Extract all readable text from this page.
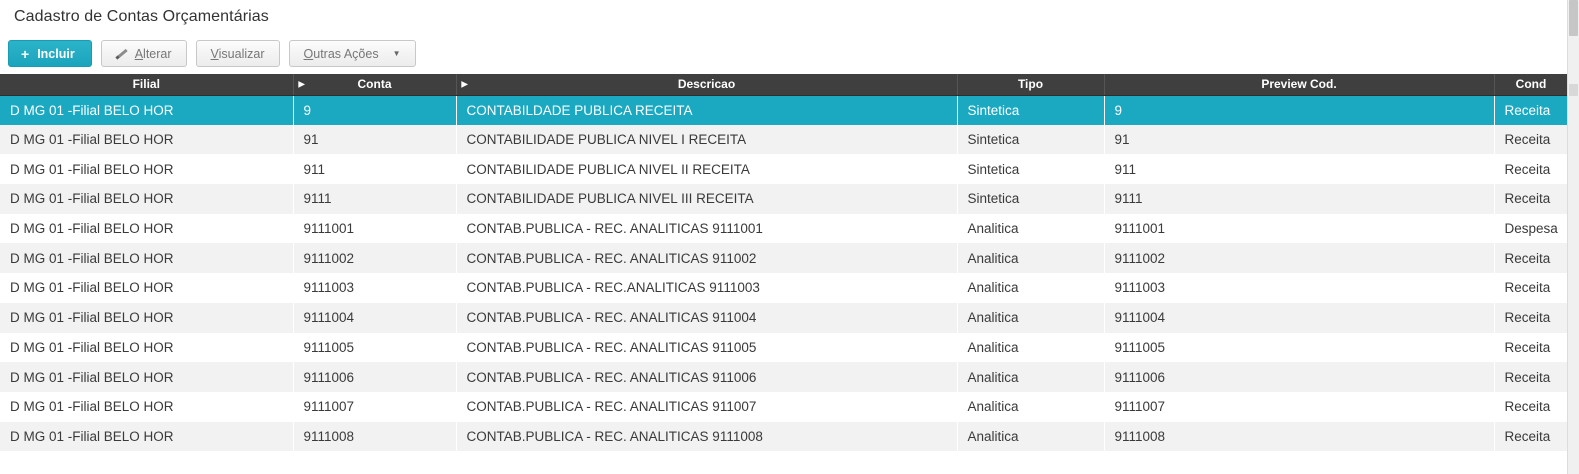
Cadastro de Contas Orçamentárias
+ Incluir	Alterar	Visualizar	Outras Ações ▼
Filial	▶ Conta	▶ Descricao	Tipo	Preview Cod.	Cond
D MG 01 -Filial BELO HOR	9	CONTABILDADE PUBLICA RECEITA	Sintetica	9	Receita
D MG 01 -Filial BELO HOR	91	CONTABILIDADE PUBLICA NIVEL I RECEITA	Sintetica	91	Receita
D MG 01 -Filial BELO HOR	911	CONTABILIDADE PUBLICA NIVEL II RECEITA	Sintetica	911	Receita
D MG 01 -Filial BELO HOR	9111	CONTABILIDADE PUBLICA NIVEL III RECEITA	Sintetica	9111	Receita
D MG 01 -Filial BELO HOR	9111001	CONTAB.PUBLICA - REC. ANALITICAS 9111001	Analitica	9111001	Despesa
D MG 01 -Filial BELO HOR	9111002	CONTAB.PUBLICA - REC. ANALITICAS 911002	Analitica	9111002	Receita
D MG 01 -Filial BELO HOR	9111003	CONTAB.PUBLICA - REC.ANALITICAS 9111003	Analitica	9111003	Receita
D MG 01 -Filial BELO HOR	9111004	CONTAB.PUBLICA - REC. ANALITICAS 911004	Analitica	9111004	Receita
D MG 01 -Filial BELO HOR	9111005	CONTAB.PUBLICA - REC. ANALITICAS 911005	Analitica	9111005	Receita
D MG 01 -Filial BELO HOR	9111006	CONTAB.PUBLICA - REC. ANALITICAS 911006	Analitica	9111006	Receita
D MG 01 -Filial BELO HOR	9111007	CONTAB.PUBLICA - REC. ANALITICAS 911007	Analitica	9111007	Receita
D MG 01 -Filial BELO HOR	9111008	CONTAB.PUBLICA - REC. ANALITICAS 9111008	Analitica	9111008	Receita
